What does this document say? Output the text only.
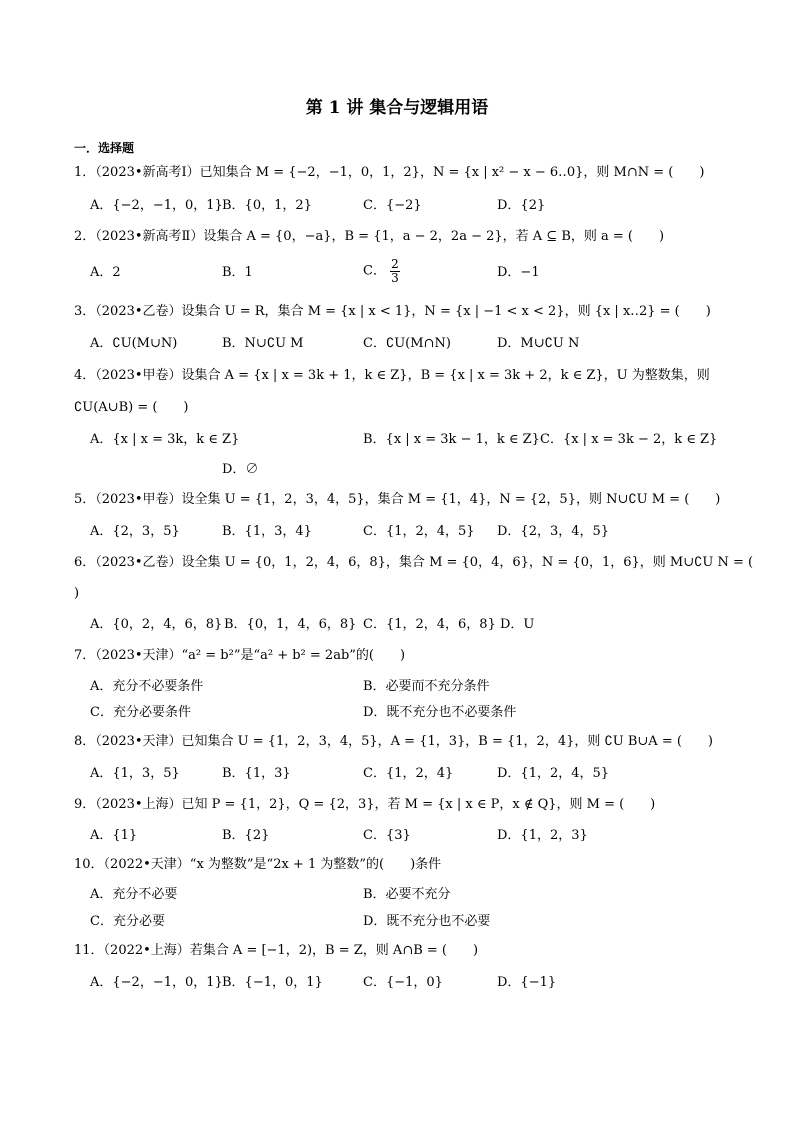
第 1 讲 集合与逻辑用语
一．选择题
1．（2023•新高考Ⅰ）已知集合 M = {−2，−1，0，1，2}，N = {x | x² − x − 6‥0}，则 M∩N = (　　)
A．{−2，−1，0，1} B．{0，1，2}	C．{−2}	D．{2}
2．（2023•新高考Ⅱ）设集合 A = {0，−a}，B = {1，a − 2，2a − 2}，若 A ⊆ B，则 a = (　　)
A．2	B．1	C． $\frac{2}{3}$	D．−1
3．（2023•乙卷）设集合 U = R，集合 M = {x | x < 1}，N = {x | −1 < x < 2}，则 {x | x‥2} = (　　)
A．∁U(M∪N)	B．N∪∁U M	C．∁U(M∩N)	D．M∪∁U N
4．（2023•甲卷）设集合 A = {x | x = 3k + 1，k ∈ Z}，B = {x | x = 3k + 2，k ∈ Z}，U 为整数集，则
∁U(A∪B) = (　　)
A．{x | x = 3k，k ∈ Z}	B．{x | x = 3k − 1，k ∈ Z} C．{x | x = 3k − 2，k ∈ Z}
D．∅
5．（2023•甲卷）设全集 U = {1，2，3，4，5}，集合 M = {1，4}，N = {2，5}，则 N∪∁U M = (　　)
A．{2，3，5}	B．{1，3，4}	C．{1，2，4，5} D．{2，3，4，5}
6．（2023•乙卷）设全集 U = {0，1，2，4，6，8}，集合 M = {0，4，6}，N = {0，1，6}，则 M∪∁U N = (
)
A．{0，2，4，6，8} B．{0，1，4，6，8} C．{1，2，4，6，8} D．U
7．（2023•天津）“a² = b²”是“a² + b² = 2ab”的(　　)
A．充分不必要条件	B．必要而不充分条件
C．充分必要条件	D．既不充分也不必要条件
8．（2023•天津）已知集合 U = {1，2，3，4，5}，A = {1，3}，B = {1，2，4}，则 ∁U B∪A = (　　)
A．{1，3，5}	B．{1，3}	C．{1，2，4}	D．{1，2，4，5}
9．（2023•上海）已知 P = {1，2}，Q = {2，3}，若 M = {x | x ∈ P，x ∉ Q}，则 M = (　　)
A．{1}	B．{2}	C．{3}	D．{1，2，3}
10．（2022•天津）“x 为整数”是“2x + 1 为整数”的(　　)条件
A．充分不必要	B．必要不充分
C．充分必要	D．既不充分也不必要
11．（2022•上海）若集合 A = [−1，2)，B = Z，则 A∩B = (　　)
A．{−2，−1，0，1} B．{−1，0，1}	C．{−1，0}	D．{−1}
